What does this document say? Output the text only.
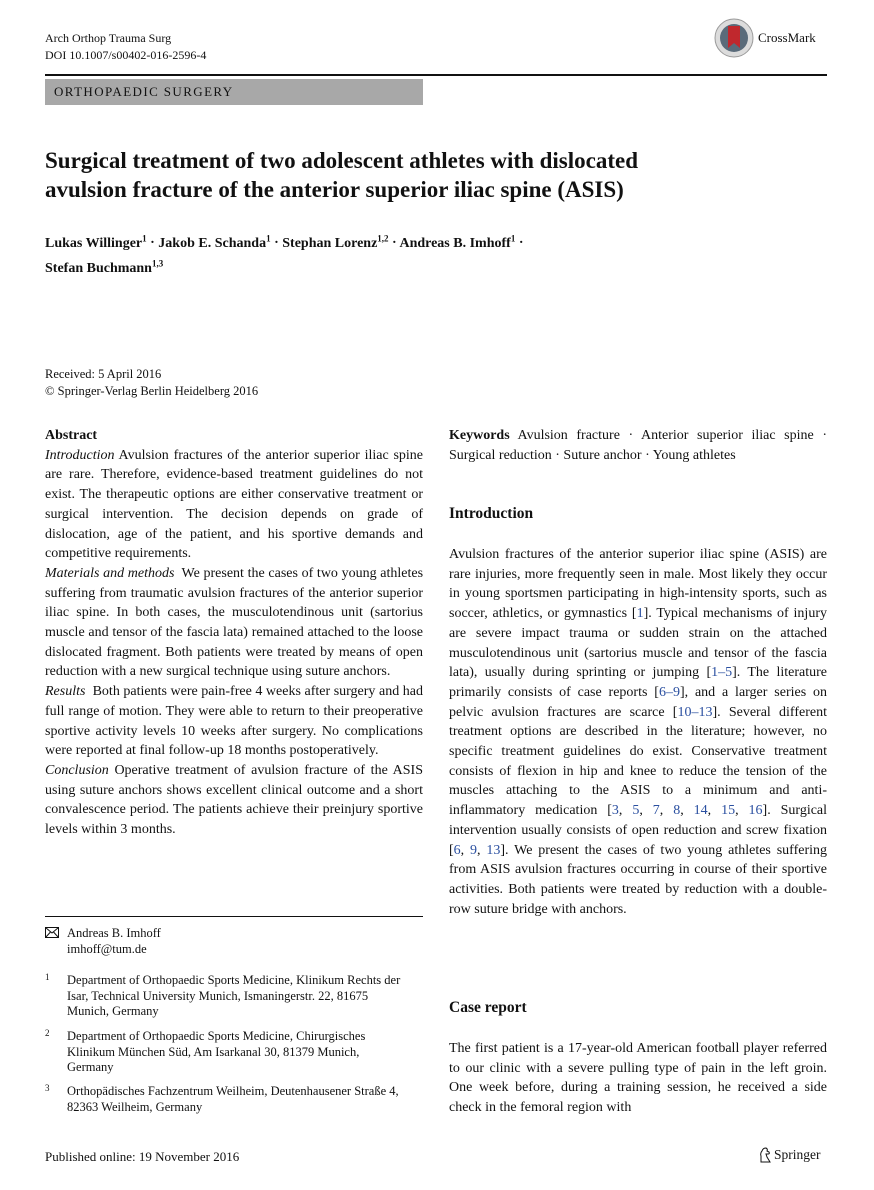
Arch Orthop Trauma Surg
DOI 10.1007/s00402-016-2596-4
CrossMark
ORTHOPAEDIC SURGERY
Surgical treatment of two adolescent athletes with dislocated
avulsion fracture of the anterior superior iliac spine (ASIS)
Lukas Willinger$^1$ · Jakob E. Schanda$^1$ · Stephan Lorenz$^{1,2}$ · Andreas B. Imhoff$^1$ ·
Stefan Buchmann$^{1,3}$
Received: 5 April 2016
© Springer-Verlag Berlin Heidelberg 2016

Abstract

Introduction Avulsion fractures of the anterior superior iliac spine are rare. Therefore, evidence-based treatment guidelines do not exist. The therapeutic options are either conservative treatment or surgical intervention. The decision depends on grade of dislocation, age of the patient, and his sportive demands and competitive requirements.

Materials and methods We present the cases of two young athletes suffering from traumatic avulsion fractures of the anterior superior iliac spine. In both cases, the musculotendinous unit (sartorius muscle and tensor of the fascia lata) remained attached to the loose dislocated fragment. Both patients were treated by means of open reduction with a new surgical technique using suture anchors.

Results Both patients were pain-free 4 weeks after surgery and had full range of motion. They were able to return to their preoperative sportive activity levels 10 weeks after surgery. No complications were reported at final follow-up 18 months postoperatively.

Conclusion Operative treatment of avulsion fracture of the ASIS using suture anchors shows excellent clinical outcome and a short convalescence period. The patients achieve their preinjury sportive levels within 3 months.

Andreas B. Imhoff
imhoff@tum.de
1 Department of Orthopaedic Sports Medicine, Klinikum Rechts der Isar, Technical University Munich, Ismaningerstr. 22, 81675 Munich, Germany
2 Department of Orthopaedic Sports Medicine, Chirurgisches Klinikum München Süd, Am Isarkanal 30, 81379 Munich, Germany
3 Orthopädisches Fachzentrum Weilheim, Deutenhausener Straße 4, 82363 Weilheim, Germany

Keywords Avulsion fracture · Anterior superior iliac spine · Surgical reduction · Suture anchor · Young athletes

Introduction

Avulsion fractures of the anterior superior iliac spine (ASIS) are rare injuries, more frequently seen in male. Most likely they occur in young sportsmen participating in high-intensity sports, such as soccer, athletics, or gymnastics [1]. Typical mechanisms of injury are severe impact trauma or sudden strain on the attached musculotendinous unit (sartorius muscle and tensor of the fascia lata), usually during sprinting or jumping [1–5]. The literature primarily consists of case reports [6–9], and a larger series on pelvic avulsion fractures are scarce [10–13]. Several different treatment options are described in the literature; however, no specific treatment guidelines do exist. Conservative treatment consists of flexion in hip and knee to reduce the tension of the muscles attaching to the ASIS to a minimum and anti-inflammatory medication [3, 5, 7, 8, 14, 15, 16]. Surgical intervention usually consists of open reduction and screw fixation [6, 9, 13]. We present the cases of two young athletes suffering from ASIS avulsion fractures occurring in course of their sportive activities. Both patients were treated by reduction with a double-row suture bridge with anchors.

Case report

The first patient is a 17-year-old American football player referred to our clinic with a severe pulling type of pain in the left groin. One week before, during a training session, he received a side check in the femoral region with

Published online: 19 November 2016	Springer
